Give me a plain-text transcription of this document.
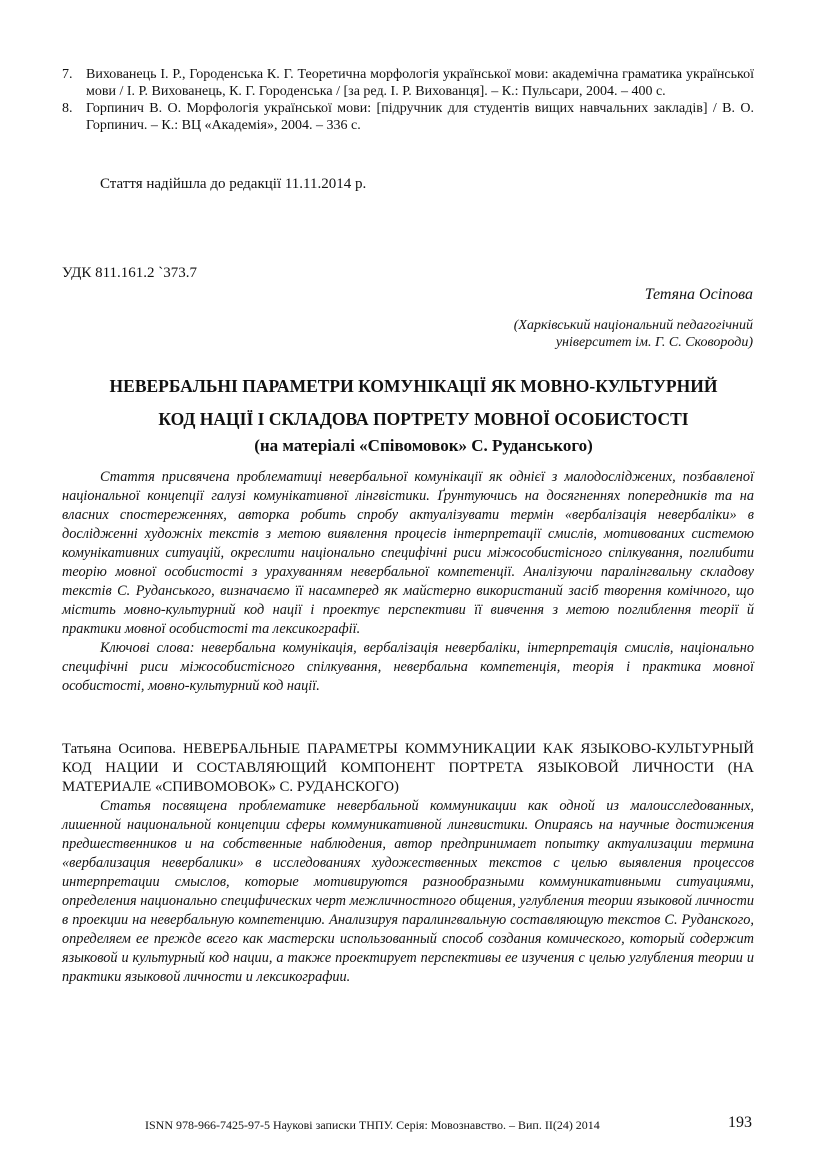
7. Вихованець І. Р., Городенська К. Г. Теоретична морфологія української мови: академічна граматика української мови / І. Р. Вихованець, К. Г. Городенська / [за ред. І. Р. Вихованця]. – К.: Пульсари, 2004. – 400 с.
8. Горпинич В. О. Морфологія української мови: [підручник для студентів вищих навчальних закладів] / В. О. Горпинич. – К.: ВЦ «Академія», 2004. – 336 с.
Стаття надійшла до редакції 11.11.2014 р.
УДК 811.161.2 `373.7
Тетяна Осіпова
(Харківський національний педагогічний
університет ім. Г. С. Сковороди)
НЕВЕРБАЛЬНІ ПАРАМЕТРИ КОМУНІКАЦІЇ ЯК МОВНО-КУЛЬТУРНИЙ
КОД НАЦІЇ І СКЛАДОВА ПОРТРЕТУ МОВНОЇ ОСОБИСТОСТІ
(на матеріалі «Співомовок» С. Руданського)

Стаття присвячена проблематиці невербальної комунікації як однієї з малодосліджених, позбавленої національної концепції галузі комунікативної лінгвістики. Ґрунтуючись на досягненнях попередників та на власних спостереженнях, авторка робить спробу актуалізувати термін «вербалізація невербаліки» в дослідженні художніх текстів з метою виявлення процесів інтерпретації смислів, мотивованих системою комунікативних ситуацій, окреслити національно специфічні риси міжособистісного спілкування, поглибити теорію мовної особистості з урахуванням невербальної компетенції. Аналізуючи паралінгвальну складову текстів С. Руданського, визначаємо її насамперед як майстерно використаний засіб творення комічного, що містить мовно-культурний код нації і проектує перспективи її вивчення з метою поглиблення теорії й практики мовної особистості та лексикографії.

Ключові слова: невербальна комунікація, вербалізація невербаліки, інтерпретація смислів, національно специфічні риси міжособистісного спілкування, невербальна компетенція, теорія і практика мовної особистості, мовно-культурний код нації.

Татьяна Осипова. НЕВЕРБАЛЬНЫЕ ПАРАМЕТРЫ КОММУНИКАЦИИ КАК ЯЗЫКОВО-КУЛЬТУРНЫЙ КОД НАЦИИ И СОСТАВЛЯЮЩИЙ КОМПОНЕНТ ПОРТРЕТА ЯЗЫКОВОЙ ЛИЧНОСТИ (НА МАТЕРИАЛЕ «СПИВОМОВОК» С. РУДАНСКОГО)

Статья посвящена проблематике невербальной коммуникации как одной из малоисследованных, лишенной национальной концепции сферы коммуникативной лингвистики. Опираясь на научные достижения предшественников и на собственные наблюдения, автор предпринимает попытку актуализации термина «вербализация невербалики» в исследованиях художественных текстов с целью выявления процессов интерпретации смыслов, которые мотивируются разнообразными коммуникативными ситуациями, определения национально специфических черт межличностного общения, углубления теории языковой личности в проекции на невербальную компетенцию. Анализируя паралингвальную составляющую текстов С. Руданского, определяем ее прежде всего как мастерски использованный способ создания комического, который содержит языковой и культурный код нации, а также проектирует перспективы ее изучения с целью углубления теории и практики языковой личности и лексикографии.

ISNN 978-966-7425-97-5 Наукові записки ТНПУ. Серія: Мовознавство. – Вип. ІІ(24) 2014	193
